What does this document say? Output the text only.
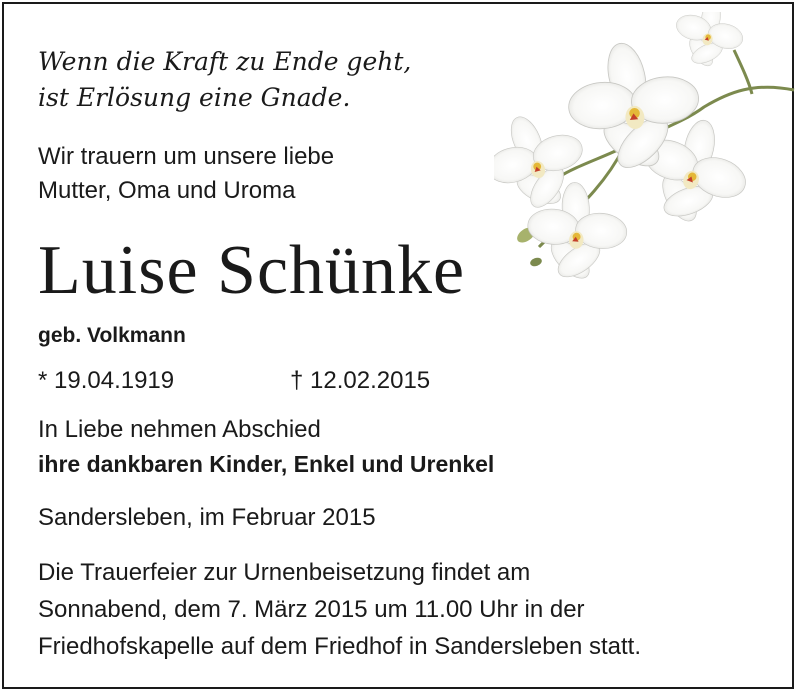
Wenn die Kraft zu Ende geht,

ist Erlösung eine Gnade.

Wir trauern um unsere liebe

Mutter, Oma und Uroma

Luise Schünke

geb. Volkmann

* 19.04.1919	† 12.02.2015

In Liebe nehmen Abschied

ihre dankbaren Kinder, Enkel und Urenkel

Sandersleben, im Februar 2015

Die Trauerfeier zur Urnenbeisetzung findet am

Sonnabend, dem 7. März 2015 um 11.00 Uhr in der

Friedhofskapelle auf dem Friedhof in Sandersleben statt.
